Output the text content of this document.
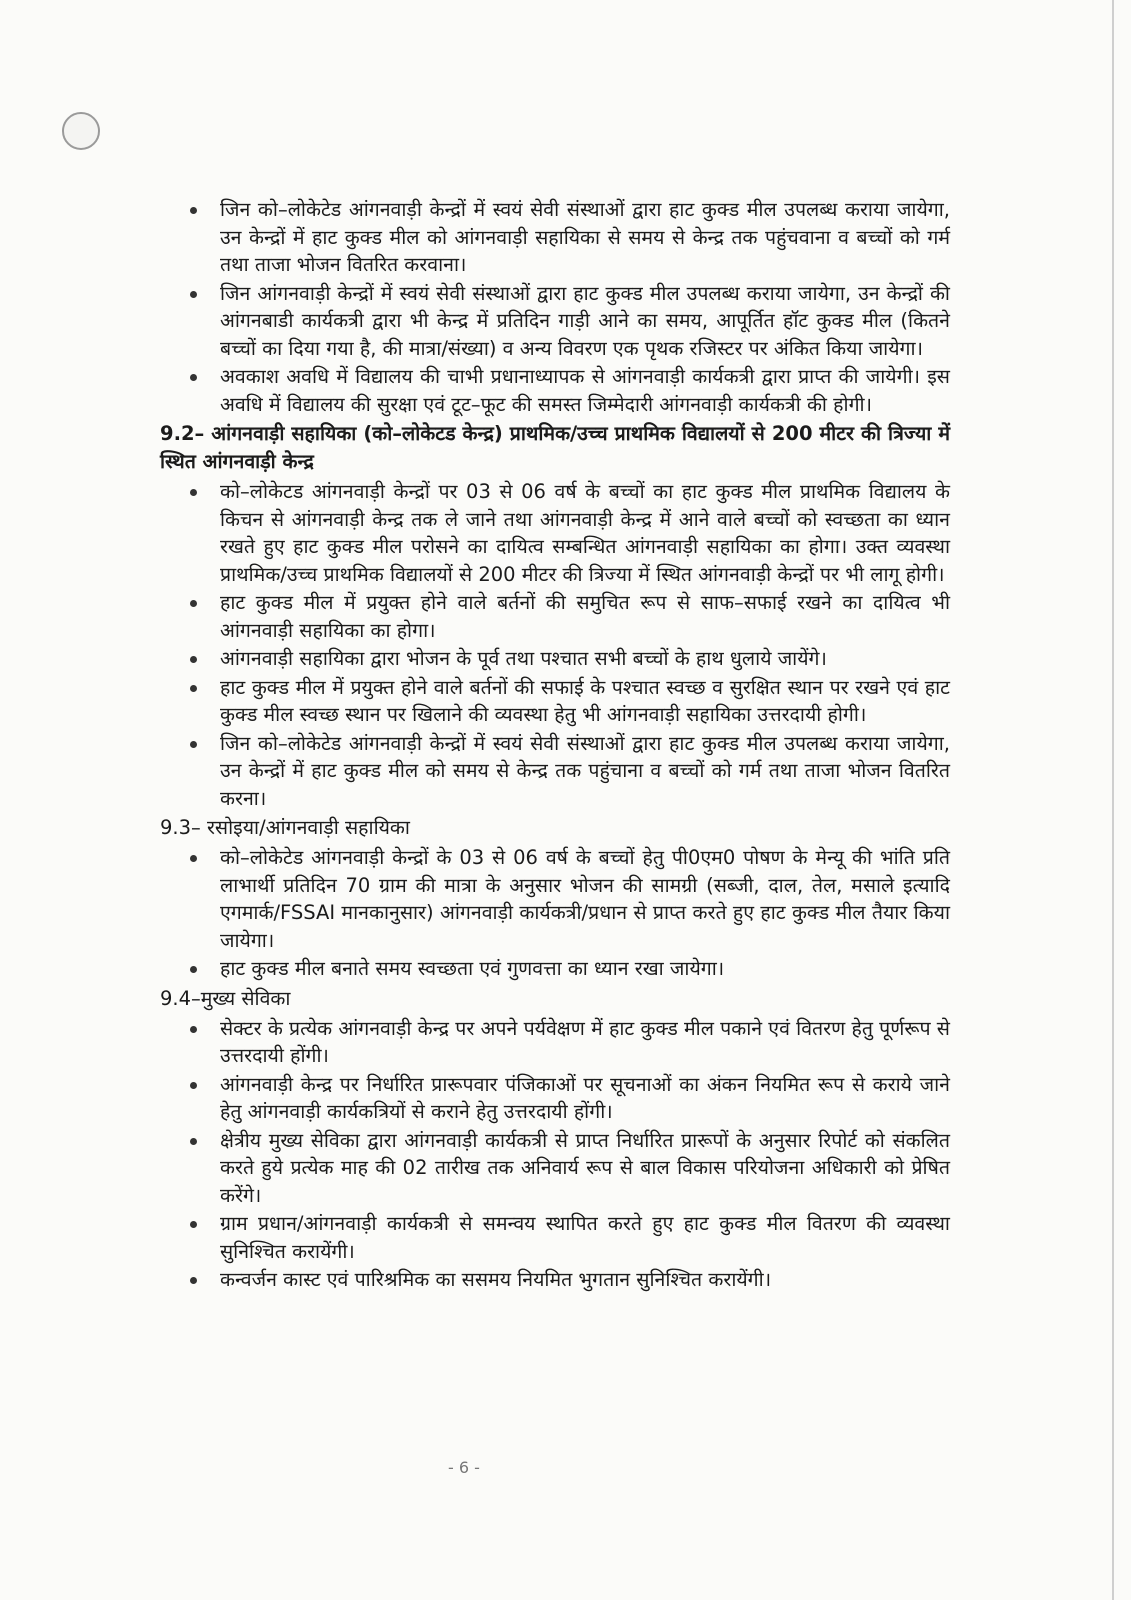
जिन को–लोकेटेड आंगनवाड़ी केन्द्रों में स्वयं सेवी संस्थाओं द्वारा हाट कुक्ड मील उपलब्ध कराया जायेगा, उन केन्द्रों में हाट कुक्ड मील को आंगनवाड़ी सहायिका से समय से केन्द्र तक पहुंचवाना व बच्चों को गर्म तथा ताजा भोजन वितरित करवाना।
जिन आंगनवाड़ी केन्द्रों में स्वयं सेवी संस्थाओं द्वारा हाट कुक्ड मील उपलब्ध कराया जायेगा, उन केन्द्रों की आंगनबाडी कार्यकत्री द्वारा भी केन्द्र में प्रतिदिन गाड़ी आने का समय, आपूर्तित हॉट कुक्ड मील (कितने बच्चों का दिया गया है, की मात्रा/संख्या) व अन्य विवरण एक पृथक रजिस्टर पर अंकित किया जायेगा।
अवकाश अवधि में विद्यालय की चाभी प्रधानाध्यापक से आंगनवाड़ी कार्यकत्री द्वारा प्राप्त की जायेगी। इस अवधि में विद्यालय की सुरक्षा एवं टूट–फूट की समस्त जिम्मेदारी आंगनवाड़ी कार्यकत्री की होगी।
9.2– आंगनवाड़ी सहायिका (को–लोकेटड केन्द्र) प्राथमिक/उच्च प्राथमिक विद्यालयों से 200 मीटर की त्रिज्या में स्थित आंगनवाड़ी केन्द्र
को–लोकेटड आंगनवाड़ी केन्द्रों पर 03 से 06 वर्ष के बच्चों का हाट कुक्ड मील प्राथमिक विद्यालय के किचन से आंगनवाड़ी केन्द्र तक ले जाने तथा आंगनवाड़ी केन्द्र में आने वाले बच्चों को स्वच्छता का ध्यान रखते हुए हाट कुक्ड मील परोसने का दायित्व सम्बन्धित आंगनवाड़ी सहायिका का होगा। उक्त व्यवस्था प्राथमिक/उच्च प्राथमिक विद्यालयों से 200 मीटर की त्रिज्या में स्थित आंगनवाड़ी केन्द्रों पर भी लागू होगी।
हाट कुक्ड मील में प्रयुक्त होने वाले बर्तनों की समुचित रूप से साफ–सफाई रखने का दायित्व भी आंगनवाड़ी सहायिका का होगा।
आंगनवाड़ी सहायिका द्वारा भोजन के पूर्व तथा पश्चात सभी बच्चों के हाथ धुलाये जायेंगे।
हाट कुक्ड मील में प्रयुक्त होने वाले बर्तनों की सफाई के पश्चात स्वच्छ व सुरक्षित स्थान पर रखने एवं हाट कुक्ड मील स्वच्छ स्थान पर खिलाने की व्यवस्था हेतु भी आंगनवाड़ी सहायिका उत्तरदायी होगी।
जिन को–लोकेटेड आंगनवाड़ी केन्द्रों में स्वयं सेवी संस्थाओं द्वारा हाट कुक्ड मील उपलब्ध कराया जायेगा, उन केन्द्रों में हाट कुक्ड मील को समय से केन्द्र तक पहुंचाना व बच्चों को गर्म तथा ताजा भोजन वितरित करना।
9.3– रसोइया/आंगनवाड़ी सहायिका
को–लोकेटेड आंगनवाड़ी केन्द्रों के 03 से 06 वर्ष के बच्चों हेतु पी0एम0 पोषण के मेन्यू की भांति प्रति लाभार्थी प्रतिदिन 70 ग्राम की मात्रा के अनुसार भोजन की सामग्री (सब्जी, दाल, तेल, मसाले इत्यादि एगमार्क/FSSAI मानकानुसार) आंगनवाड़ी कार्यकत्री/प्रधान से प्राप्त करते हुए हाट कुक्ड मील तैयार किया जायेगा।
हाट कुक्ड मील बनाते समय स्वच्छता एवं गुणवत्ता का ध्यान रखा जायेगा।
9.4–मुख्य सेविका
सेक्टर के प्रत्येक आंगनवाड़ी केन्द्र पर अपने पर्यवेक्षण में हाट कुक्ड मील पकाने एवं वितरण हेतु पूर्णरूप से उत्तरदायी होंगी।
आंगनवाड़ी केन्द्र पर निर्धारित प्रारूपवार पंजिकाओं पर सूचनाओं का अंकन नियमित रूप से कराये जाने हेतु आंगनवाड़ी कार्यकत्रियों से कराने हेतु उत्तरदायी होंगी।
क्षेत्रीय मुख्य सेविका द्वारा आंगनवाड़ी कार्यकत्री से प्राप्त निर्धारित प्रारूपों के अनुसार रिपोर्ट को संकलित करते हुये प्रत्येक माह की 02 तारीख तक अनिवार्य रूप से बाल विकास परियोजना अधिकारी को प्रेषित करेंगे।
ग्राम प्रधान/आंगनवाड़ी कार्यकत्री से समन्वय स्थापित करते हुए हाट कुक्ड मील वितरण की व्यवस्था सुनिश्चित करायेंगी।
कन्वर्जन कास्ट एवं पारिश्रमिक का ससमय नियमित भुगतान सुनिश्चित करायेंगी।
- 6 -
